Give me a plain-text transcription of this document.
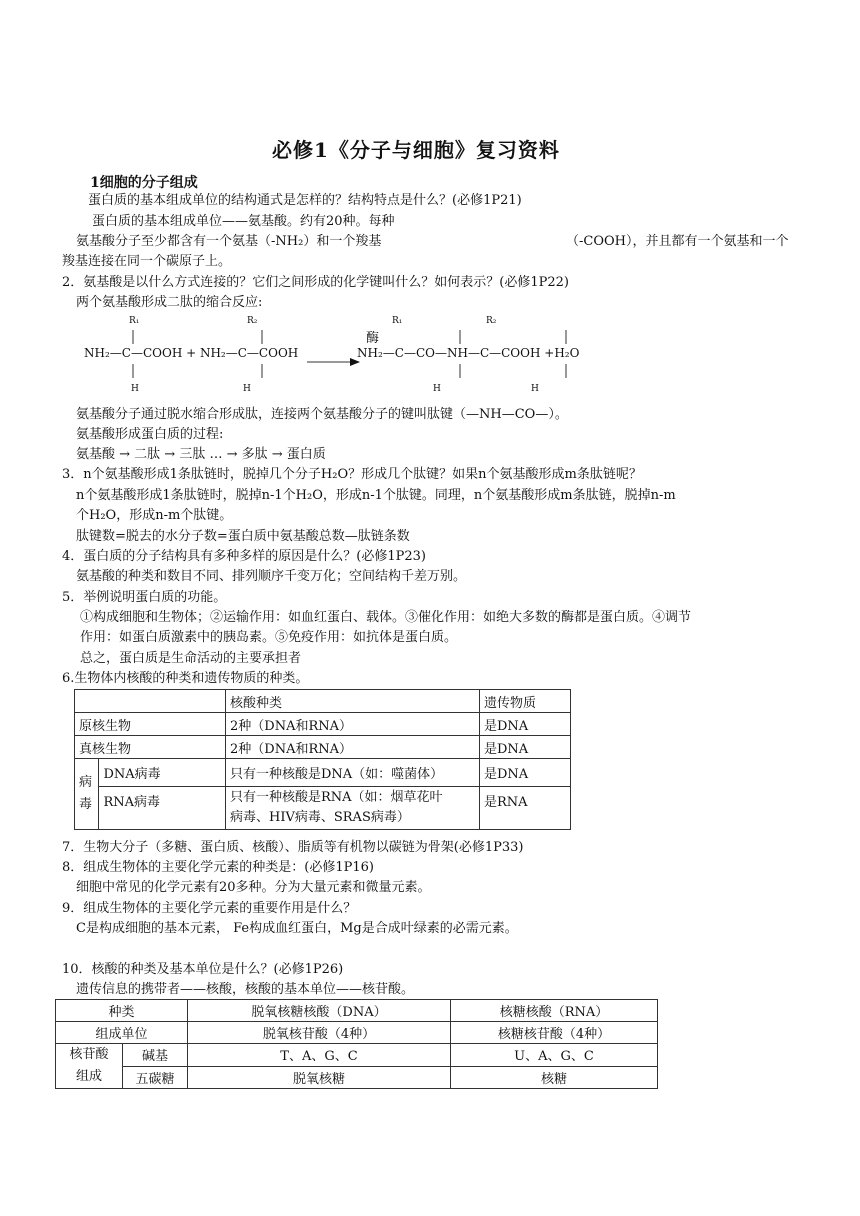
必修1《分子与细胞》复习资料
1细胞的分子组成
蛋白质的基本组成单位的结构通式是怎样的？结构特点是什么？(必修1P21)
蛋白质的基本组成单位——氨基酸。约有20种。每种
氨基酸分子至少都含有一个氨基（-NH₂）和一个羧基	（-COOH），并且都有一个氨基和一个
羧基连接在同一个碳原子上。
2．氨基酸是以什么方式连接的？它们之间形成的化学键叫什么？如何表示？(必修1P22)
两个氨基酸形成二肽的缩合反应:
R₁	R₂	R₁	R₂
酶
NH₂—C—COOH + NH₂—C—COOH	NH₂—C—CO—NH—C—COOH +H₂O
H	H	H	H
氨基酸分子通过脱水缩合形成肽，连接两个氨基酸分子的键叫肽键（—NH—CO—）。
氨基酸形成蛋白质的过程:
氨基酸 → 二肽 → 三肽 … → 多肽 → 蛋白质
3．n个氨基酸形成1条肽链时，脱掉几个分子H₂O？形成几个肽键？如果n个氨基酸形成m条肽链呢？
n个氨基酸形成1条肽链时，脱掉n-1个H₂O，形成n-1个肽键。同理，n个氨基酸形成m条肽链，脱掉n-m
个H₂O，形成n-m个肽键。
肽键数=脱去的水分子数=蛋白质中氨基酸总数—肽链条数
4．蛋白质的分子结构具有多种多样的原因是什么？(必修1P23)
氨基酸的种类和数目不同、排列顺序千变万化；空间结构千差万别。
5．举例说明蛋白质的功能。
①构成细胞和生物体；②运输作用：如血红蛋白、载体。③催化作用：如绝大多数的酶都是蛋白质。④调节
作用：如蛋白质激素中的胰岛素。⑤免疫作用：如抗体是蛋白质。
总之，蛋白质是生命活动的主要承担者
6.生物体内核酸的种类和遗传物质的种类。
		核酸种类	遗传物质
原核生物		2种（DNA和RNA）	是DNA
真核生物		2种（DNA和RNA）	是DNA
病毒	DNA病毒	只有一种核酸是DNA（如：噬菌体）	是DNA
	RNA病毒	只有一种核酸是RNA（如：烟草花叶
病毒、HIV病毒、SRAS病毒）	是RNA
7．生物大分子（多糖、蛋白质、核酸）、脂质等有机物以碳链为骨架(必修1P33)
8．组成生物体的主要化学元素的种类是：(必修1P16)
细胞中常见的化学元素有20多种。分为大量元素和微量元素。
9．组成生物体的主要化学元素的重要作用是什么？
C是构成细胞的基本元素， Fe构成血红蛋白，Mg是合成叶绿素的必需元素。
10．核酸的种类及基本单位是什么？(必修1P26)
遗传信息的携带者——核酸，核酸的基本单位——核苷酸。
种类		脱氧核糖核酸（DNA）	核糖核酸（RNA）
组成单位		脱氧核苷酸（4种）	核糖核苷酸（4种）
核苷酸
组成	碱基	T、A、G、C	U、A、G、C
	五碳糖	脱氧核糖	核糖
